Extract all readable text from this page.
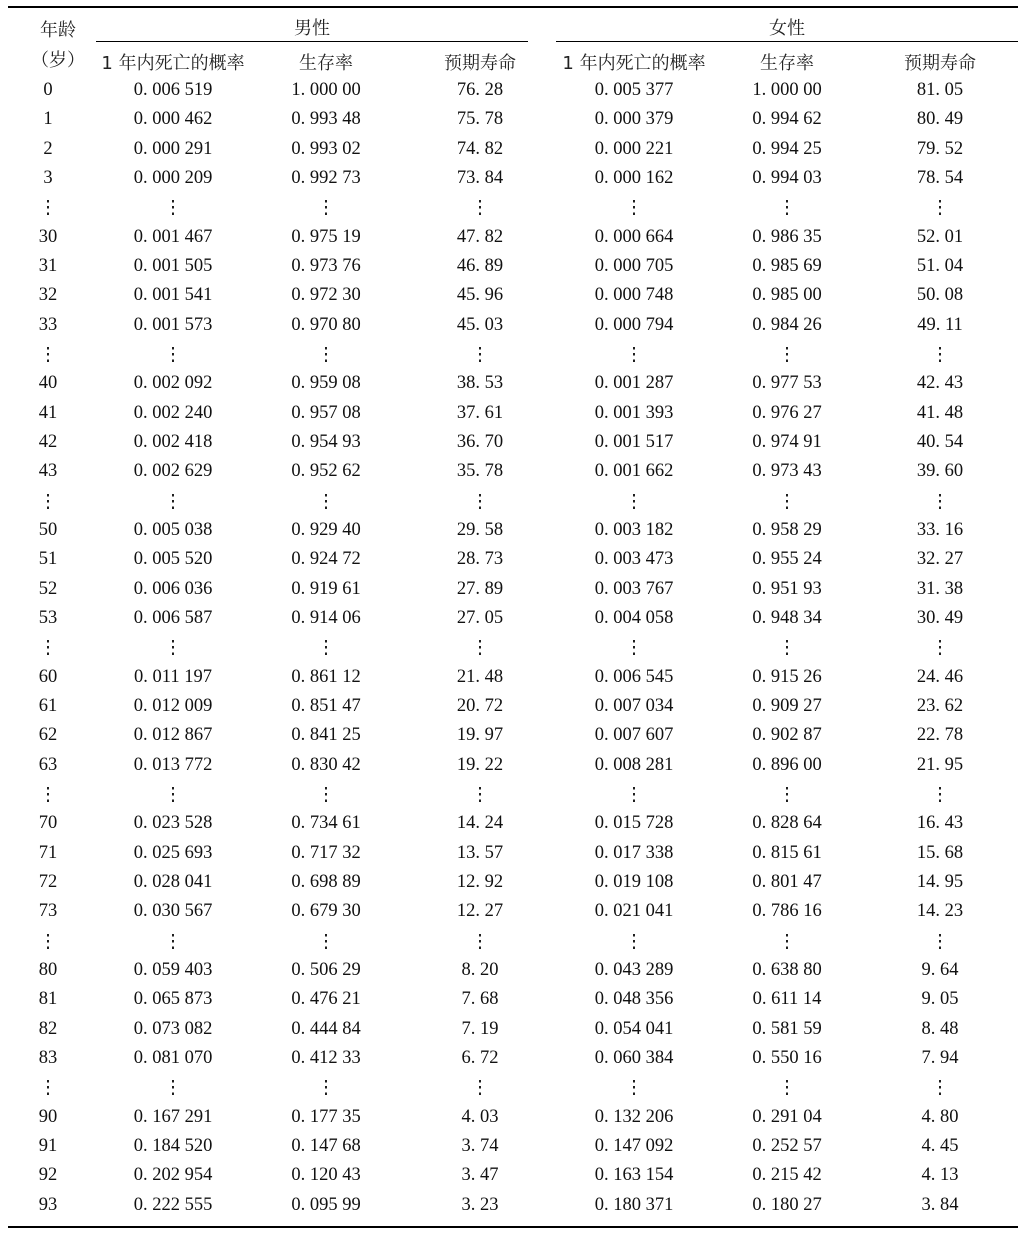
年龄
（岁）
男性	女性
1 年内死亡的概率	生存率	预期寿命	1 年内死亡的概率	生存率	预期寿命
0	0. 006 519	1. 000 00	76. 28	0. 005 377	1. 000 00	81. 05
1	0. 000 462	0. 993 48	75. 78	0. 000 379	0. 994 62	80. 49
2	0. 000 291	0. 993 02	74. 82	0. 000 221	0. 994 25	79. 52
3	0. 000 209	0. 992 73	73. 84	0. 000 162	0. 994 03	78. 54
⋮	⋮	⋮	⋮	⋮	⋮	⋮
30	0. 001 467	0. 975 19	47. 82	0. 000 664	0. 986 35	52. 01
31	0. 001 505	0. 973 76	46. 89	0. 000 705	0. 985 69	51. 04
32	0. 001 541	0. 972 30	45. 96	0. 000 748	0. 985 00	50. 08
33	0. 001 573	0. 970 80	45. 03	0. 000 794	0. 984 26	49. 11
⋮	⋮	⋮	⋮	⋮	⋮	⋮
40	0. 002 092	0. 959 08	38. 53	0. 001 287	0. 977 53	42. 43
41	0. 002 240	0. 957 08	37. 61	0. 001 393	0. 976 27	41. 48
42	0. 002 418	0. 954 93	36. 70	0. 001 517	0. 974 91	40. 54
43	0. 002 629	0. 952 62	35. 78	0. 001 662	0. 973 43	39. 60
⋮	⋮	⋮	⋮	⋮	⋮	⋮
50	0. 005 038	0. 929 40	29. 58	0. 003 182	0. 958 29	33. 16
51	0. 005 520	0. 924 72	28. 73	0. 003 473	0. 955 24	32. 27
52	0. 006 036	0. 919 61	27. 89	0. 003 767	0. 951 93	31. 38
53	0. 006 587	0. 914 06	27. 05	0. 004 058	0. 948 34	30. 49
⋮	⋮	⋮	⋮	⋮	⋮	⋮
60	0. 011 197	0. 861 12	21. 48	0. 006 545	0. 915 26	24. 46
61	0. 012 009	0. 851 47	20. 72	0. 007 034	0. 909 27	23. 62
62	0. 012 867	0. 841 25	19. 97	0. 007 607	0. 902 87	22. 78
63	0. 013 772	0. 830 42	19. 22	0. 008 281	0. 896 00	21. 95
⋮	⋮	⋮	⋮	⋮	⋮	⋮
70	0. 023 528	0. 734 61	14. 24	0. 015 728	0. 828 64	16. 43
71	0. 025 693	0. 717 32	13. 57	0. 017 338	0. 815 61	15. 68
72	0. 028 041	0. 698 89	12. 92	0. 019 108	0. 801 47	14. 95
73	0. 030 567	0. 679 30	12. 27	0. 021 041	0. 786 16	14. 23
⋮	⋮	⋮	⋮	⋮	⋮	⋮
80	0. 059 403	0. 506 29	8. 20	0. 043 289	0. 638 80	9. 64
81	0. 065 873	0. 476 21	7. 68	0. 048 356	0. 611 14	9. 05
82	0. 073 082	0. 444 84	7. 19	0. 054 041	0. 581 59	8. 48
83	0. 081 070	0. 412 33	6. 72	0. 060 384	0. 550 16	7. 94
⋮	⋮	⋮	⋮	⋮	⋮	⋮
90	0. 167 291	0. 177 35	4. 03	0. 132 206	0. 291 04	4. 80
91	0. 184 520	0. 147 68	3. 74	0. 147 092	0. 252 57	4. 45
92	0. 202 954	0. 120 43	3. 47	0. 163 154	0. 215 42	4. 13
93	0. 222 555	0. 095 99	3. 23	0. 180 371	0. 180 27	3. 84
